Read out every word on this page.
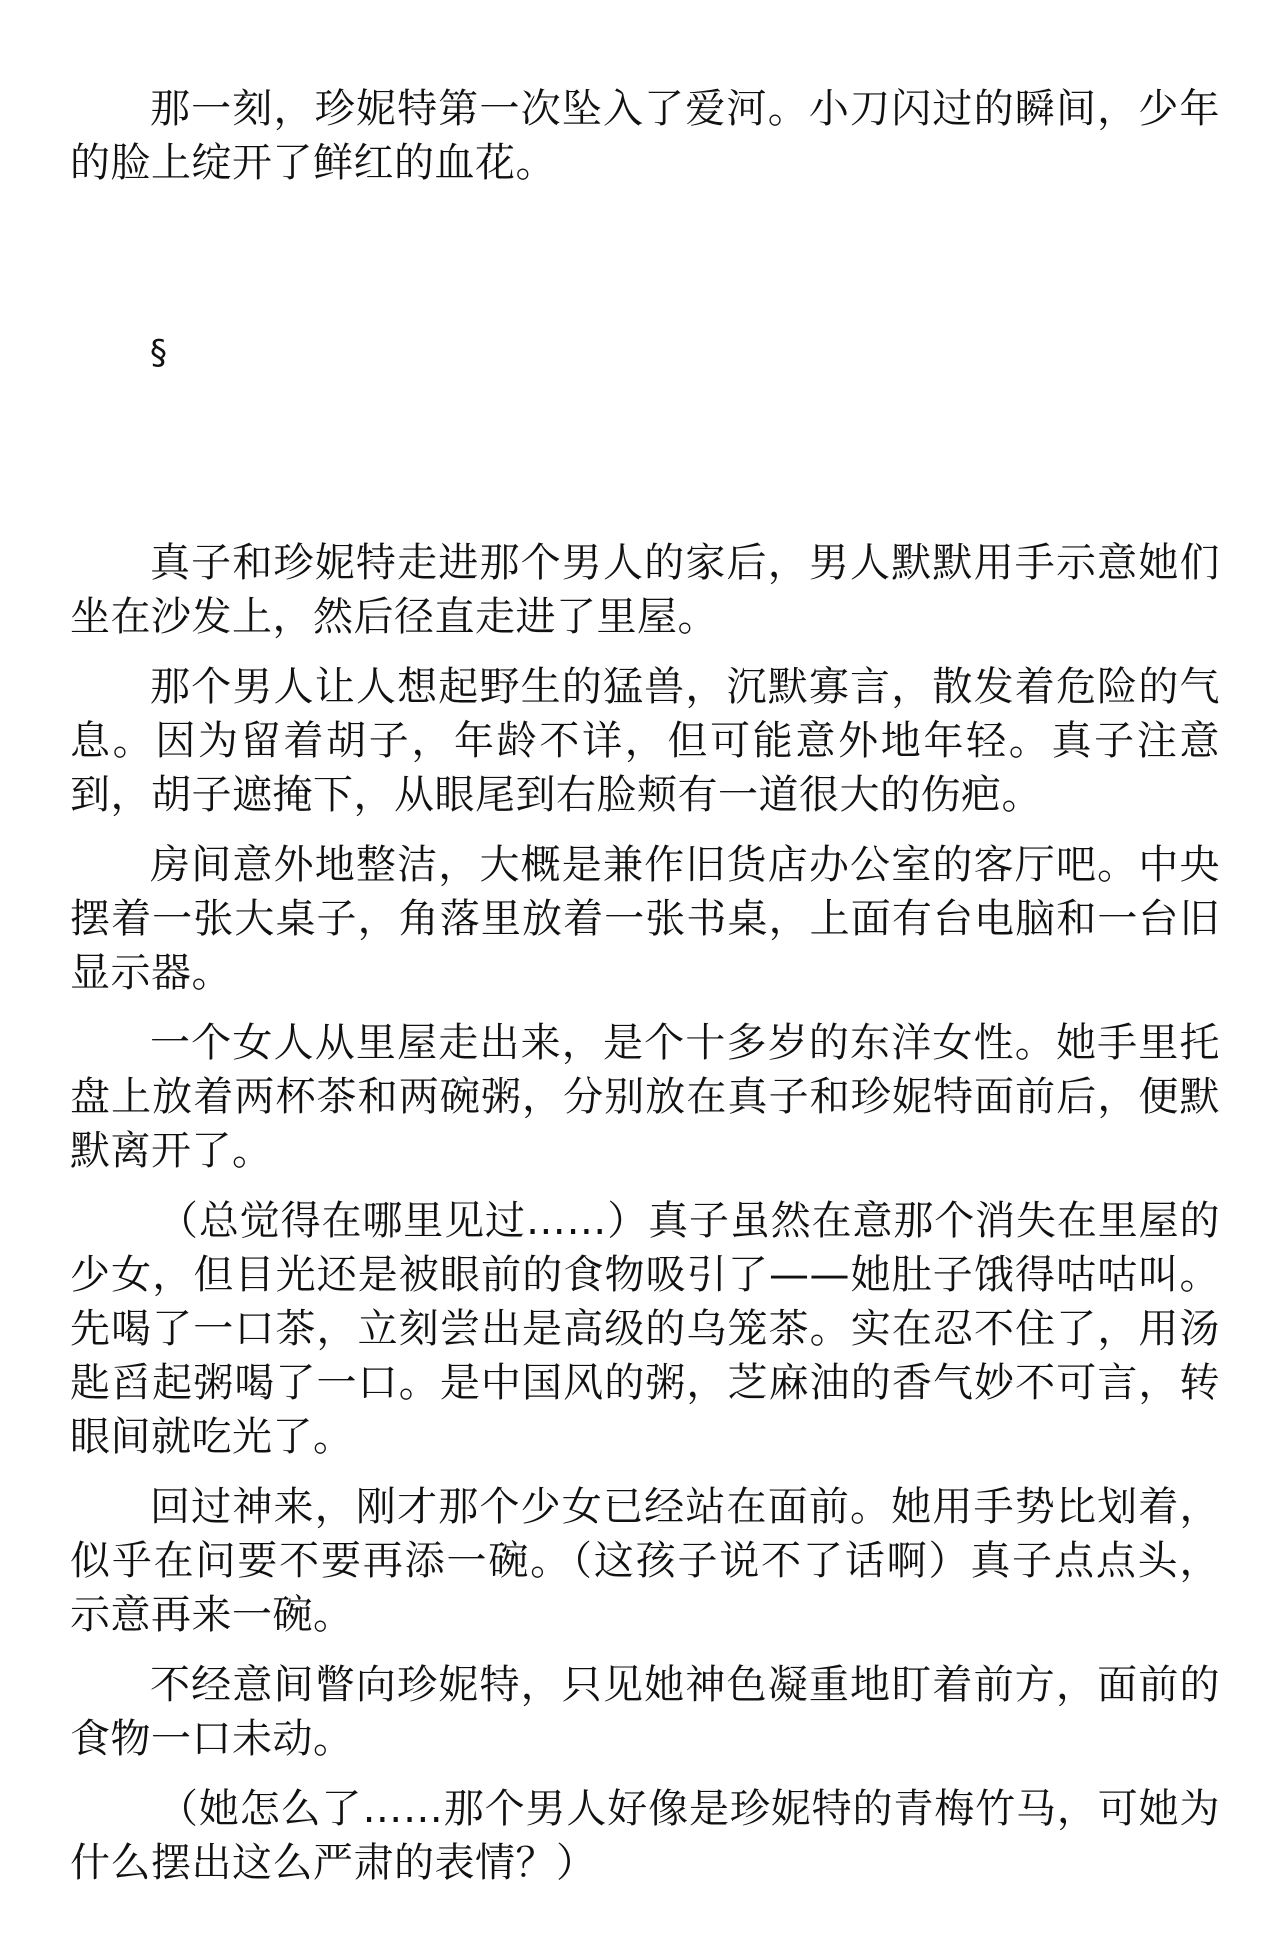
那一刻，珍妮特第一次坠入了爱河。小刀闪过的瞬间，少年的脸上绽开了鲜红的血花。

§

真子和珍妮特走进那个男人的家后，男人默默用手示意她们坐在沙发上，然后径直走进了里屋。

那个男人让人想起野生的猛兽，沉默寡言，散发着危险的气息。因为留着胡子，年龄不详，但可能意外地年轻。真子注意到，胡子遮掩下，从眼尾到右脸颊有一道很大的伤疤。

房间意外地整洁，大概是兼作旧货店办公室的客厅吧。中央摆着一张大桌子，角落里放着一张书桌，上面有台电脑和一台旧显示器。

一个女人从里屋走出来，是个十多岁的东洋女性。她手里托盘上放着两杯茶和两碗粥，分别放在真子和珍妮特面前后，便默默离开了。

（总觉得在哪里见过……）真子虽然在意那个消失在里屋的少女，但目光还是被眼前的食物吸引了——她肚子饿得咕咕叫。先喝了一口茶，立刻尝出是高级的乌笼茶。实在忍不住了，用汤匙舀起粥喝了一口。是中国风的粥，芝麻油的香气妙不可言，转眼间就吃光了。

回过神来，刚才那个少女已经站在面前。她用手势比划着，似乎在问要不要再添一碗。（这孩子说不了话啊）真子点点头，示意再来一碗。

不经意间瞥向珍妮特，只见她神色凝重地盯着前方，面前的食物一口未动。

（她怎么了……那个男人好像是珍妮特的青梅竹马，可她为什么摆出这么严肃的表情？）
